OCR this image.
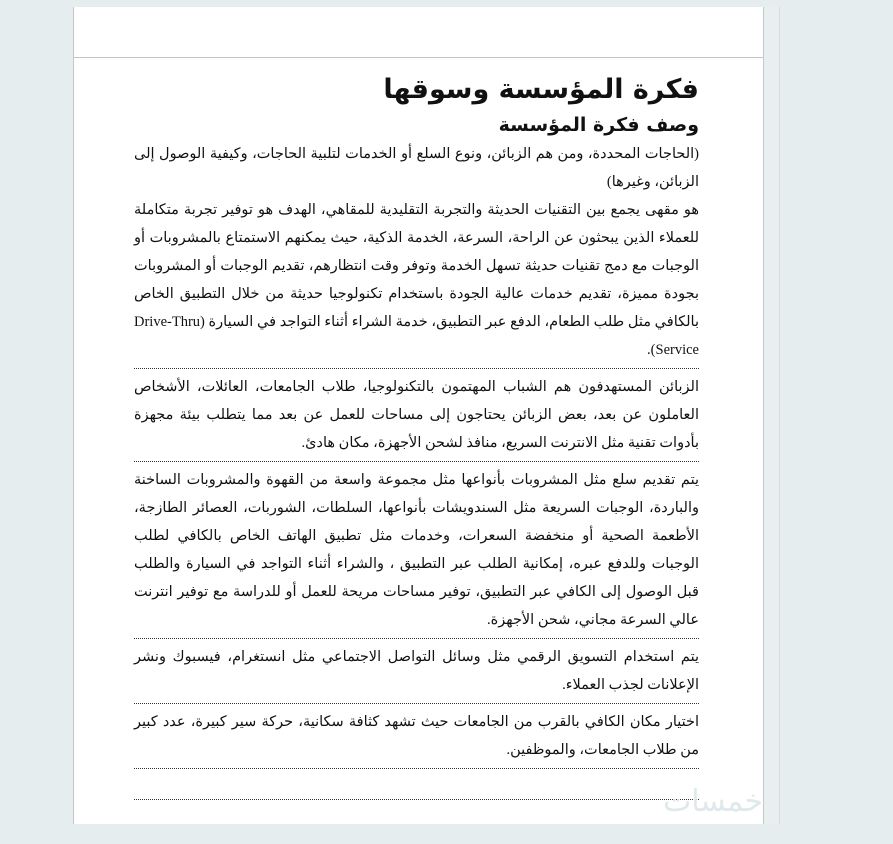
فكرة المؤسسة وسوقها
وصف فكرة المؤسسة

(الحاجات المحددة، ومن هم الزبائن، ونوع السلع أو الخدمات لتلبية الحاجات، وكيفية الوصول إلى الزبائن، وغيرها)

هو مقهى يجمع بين التقنيات الحديثة والتجربة التقليدية للمقاهي، الهدف هو توفير تجربة متكاملة للعملاء الذين يبحثون عن الراحة، السرعة، الخدمة الذكية، حيث يمكنهم الاستمتاع بالمشروبات أو الوجبات مع دمج تقنيات حديثة تسهل الخدمة وتوفر وقت انتظارهم، تقديم الوجبات أو المشروبات بجودة مميزة، تقديم خدمات عالية الجودة باستخدام تكنولوجيا حديثة من خلال التطبيق الخاص بالكافي مثل طلب الطعام، الدفع عبر التطبيق، خدمة الشراء أثناء التواجد في السيارة (Drive-Thru Service).

الزبائن المستهدفون هم الشباب المهتمون بالتكنولوجيا، طلاب الجامعات، العائلات، الأشخاص العاملون عن بعد، بعض الزبائن يحتاجون إلى مساحات للعمل عن بعد مما يتطلب بيئة مجهزة بأدوات تقنية مثل الانترنت السريع، منافذ لشحن الأجهزة، مكان هادئ.

يتم تقديم سلع مثل المشروبات بأنواعها مثل مجموعة واسعة من القهوة والمشروبات الساخنة والباردة، الوجبات السريعة مثل السندويشات بأنواعها، السلطات، الشوربات، العصائر الطازجة، الأطعمة الصحية أو منخفضة السعرات، وخدمات مثل تطبيق الهاتف الخاص بالكافي لطلب الوجبات وللدفع عبره، إمكانية الطلب عبر التطبيق ، والشراء أثناء التواجد في السيارة والطلب قبل الوصول إلى الكافي عبر التطبيق، توفير مساحات مريحة للعمل أو للدراسة مع توفير انترنت عالي السرعة مجاني، شحن الأجهزة.

يتم استخدام التسويق الرقمي مثل وسائل التواصل الاجتماعي مثل انستغرام، فيسبوك ونشر الإعلانات لجذب العملاء.

اختيار مكان الكافي بالقرب من الجامعات حيث تشهد كثافة سكانية، حركة سير كبيرة، عدد كبير من طلاب الجامعات، والموظفين.

خمسات
